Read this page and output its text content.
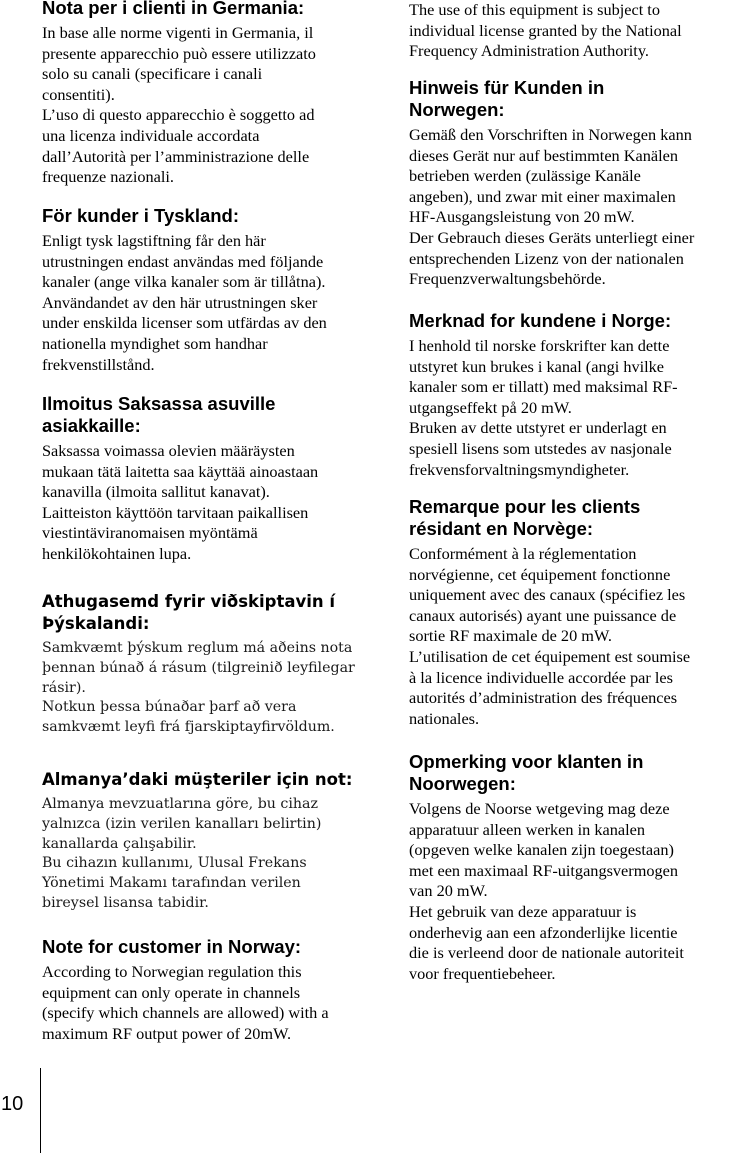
Nota per i clienti in Germania:

In base alle norme vigenti in Germania, il
presente apparecchio può essere utilizzato
solo su canali (specificare i canali
consentiti).
L’uso di questo apparecchio è soggetto ad
una licenza individuale accordata
dall’Autorità per l’amministrazione delle
frequenze nazionali.

För kunder i Tyskland:

Enligt tysk lagstiftning får den här
utrustningen endast användas med följande
kanaler (ange vilka kanaler som är tillåtna).
Användandet av den här utrustningen sker
under enskilda licenser som utfärdas av den
nationella myndighet som handhar
frekvenstillstånd.

Ilmoitus Saksassa asuville
asiakkaille:

Saksassa voimassa olevien määräysten
mukaan tätä laitetta saa käyttää ainoastaan
kanavilla (ilmoita sallitut kanavat).
Laitteiston käyttöön tarvitaan paikallisen
viestintäviranomaisen myöntämä
henkilökohtainen lupa.

Athugasemd fyrir viðskiptavin í
Þýskalandi:

Samkvæmt þýskum reglum má aðeins nota
þennan búnað á rásum (tilgreinið leyfilegar
rásir).
Notkun þessa búnaðar þarf að vera
samkvæmt leyfi frá fjarskiptayfirvöldum.

Almanya’daki müşteriler için not:

Almanya mevzuatlarına göre, bu cihaz
yalnızca (izin verilen kanalları belirtin)
kanallarda çalışabilir.
Bu cihazın kullanımı, Ulusal Frekans
Yönetimi Makamı tarafından verilen
bireysel lisansa tabidir.

Note for customer in Norway:

According to Norwegian regulation this
equipment can only operate in channels
(specify which channels are allowed) with a
maximum RF output power of 20mW.

The use of this equipment is subject to
individual license granted by the National
Frequency Administration Authority.

Hinweis für Kunden in
Norwegen:

Gemäß den Vorschriften in Norwegen kann
dieses Gerät nur auf bestimmten Kanälen
betrieben werden (zulässige Kanäle
angeben), und zwar mit einer maximalen
HF-Ausgangsleistung von 20 mW.
Der Gebrauch dieses Geräts unterliegt einer
entsprechenden Lizenz von der nationalen
Frequenzverwaltungsbehörde.

Merknad for kundene i Norge:

I henhold til norske forskrifter kan dette
utstyret kun brukes i kanal (angi hvilke
kanaler som er tillatt) med maksimal RF-
utgangseffekt på 20 mW.
Bruken av dette utstyret er underlagt en
spesiell lisens som utstedes av nasjonale
frekvensforvaltningsmyndigheter.

Remarque pour les clients
résidant en Norvège:

Conformément à la réglementation
norvégienne, cet équipement fonctionne
uniquement avec des canaux (spécifiez les
canaux autorisés) ayant une puissance de
sortie RF maximale de 20 mW.
L’utilisation de cet équipement est soumise
à la licence individuelle accordée par les
autorités d’administration des fréquences
nationales.

Opmerking voor klanten in
Noorwegen:

Volgens de Noorse wetgeving mag deze
apparatuur alleen werken in kanalen
(opgeven welke kanalen zijn toegestaan)
met een maximaal RF-uitgangsvermogen
van 20 mW.
Het gebruik van deze apparatuur is
onderhevig aan een afzonderlijke licentie
die is verleend door de nationale autoriteit
voor frequentiebeheer.

10
